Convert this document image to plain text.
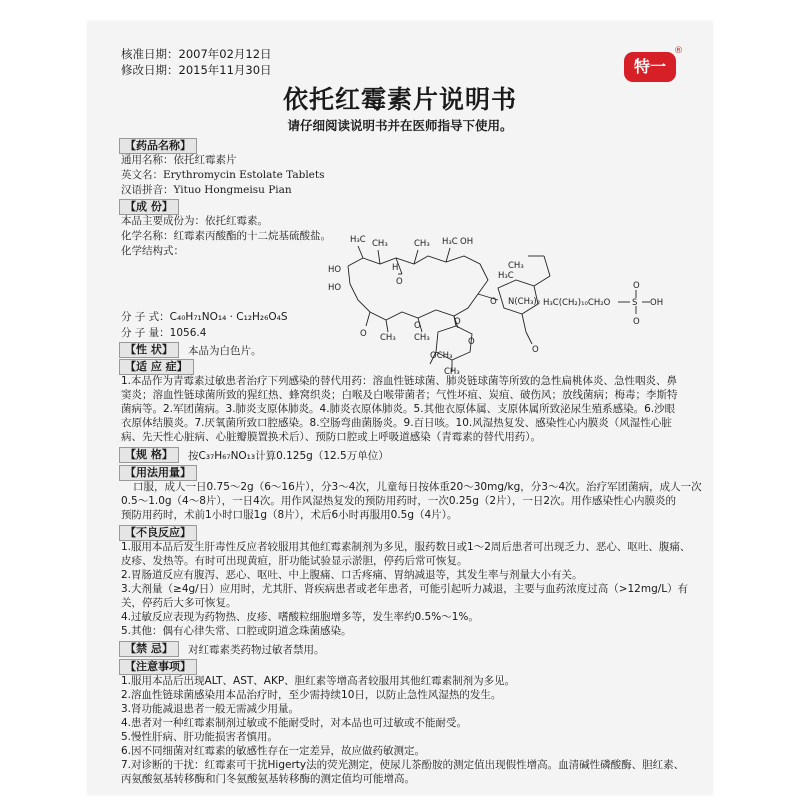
核准日期：2007年02月12日
修改日期：2015年11月30日	特一
®
依托红霉素片说明书
请仔细阅读说明书并在医师指导下使用。
【药品名称】
通用名称：依托红霉素片
英文名：Erythromycin Estolate Tablets
汉语拼音：Yituo Hongmeisu Pian
【成 份】
本品主要成份为：依托红霉素。
化学名称：红霉素丙酸酯的十二烷基硫酸盐。
化学结构式：
H₃C CH₃	CH₃ H₃C OH
HO
HO
O
O
O
O
O
OCH₃
CH₃
N(CH₃)₂
H₃C
CH₃
H₃C(CH₂)₁₀CH₂O	S OH
O
O
CH₃
CH₃
H
O
O
分 子 式：C₄₀H₇₁NO₁₄ · C₁₂H₂₆O₄S
分 子 量：1056.4
【性 状】	本品为白色片。
【适 应 症】
1.本品作为青霉素过敏患者治疗下列感染的替代用药：溶血性链球菌、肺炎链球菌等所致的急性扁桃体炎、急性咽炎、鼻
窦炎；溶血性链球菌所致的猩红热、蜂窝织炎；白喉及白喉带菌者；气性坏疽、炭疽、破伤风；放线菌病；梅毒；李斯特
菌病等。2.军团菌病。3.肺炎支原体肺炎。4.肺炎衣原体肺炎。5.其他衣原体属、支原体属所致泌尿生殖系感染。6.沙眼
衣原体结膜炎。7.厌氧菌所致口腔感染。8.空肠弯曲菌肠炎。9.百日咳。10.风湿热复发、感染性心内膜炎（风湿性心脏
病、先天性心脏病、心脏瓣膜置换术后）、预防口腔或上呼吸道感染（青霉素的替代用药）。
【规 格】	按C₃₇H₆₇NO₁₃计算0.125g（12.5万单位）
【用法用量】
口服，成人一日0.75～2g（6～16片），分3～4次，儿童每日按体重20～30mg/kg，分3～4次。治疗军团菌病，成人一次
0.5～1.0g（4～8片），一日4次。用作风湿热复发的预防用药时，一次0.25g（2片），一日2次。用作感染性心内膜炎的
预防用药时，术前1小时口服1g（8片），术后6小时再服用0.5g（4片）。
【不良反应】
1.服用本品后发生肝毒性反应者较服用其他红霉素制剂为多见，服药数日或1～2周后患者可出现乏力、恶心、呕吐、腹痛、
皮疹、发热等。有时可出现黄疸，肝功能试验显示淤胆，停药后常可恢复。
2.胃肠道反应有腹泻、恶心、呕吐、中上腹痛、口舌疼痛、胃纳减退等，其发生率与剂量大小有关。
3.大剂量（≥4g/日）应用时，尤其肝、肾疾病患者或老年患者，可能引起听力减退，主要与血药浓度过高（>12mg/L）有
关，停药后大多可恢复。
4.过敏反应表现为药物热、皮疹、嗜酸粒细胞增多等，发生率约0.5%～1%。
5.其他：偶有心律失常、口腔或阴道念珠菌感染。
【禁 忌】	对红霉素类药物过敏者禁用。
【注意事项】
1.服用本品后出现ALT、AST、AKP、胆红素等增高者较服用其他红霉素制剂为多见。
2.溶血性链球菌感染用本品治疗时，至少需持续10日，以防止急性风湿热的发生。
3.肾功能减退患者一般无需减少用量。
4.患者对一种红霉素制剂过敏或不能耐受时，对本品也可过敏或不能耐受。
5.慢性肝病、肝功能损害者慎用。
6.因不同细菌对红霉素的敏感性存在一定差异，故应做药敏测定。
7.对诊断的干扰：红霉素可干扰Higerty法的荧光测定，使尿儿茶酚胺的测定值出现假性增高。血清碱性磷酸酶、胆红素、
丙氨酸氨基转移酶和门冬氨酸氨基转移酶的测定值均可能增高。
